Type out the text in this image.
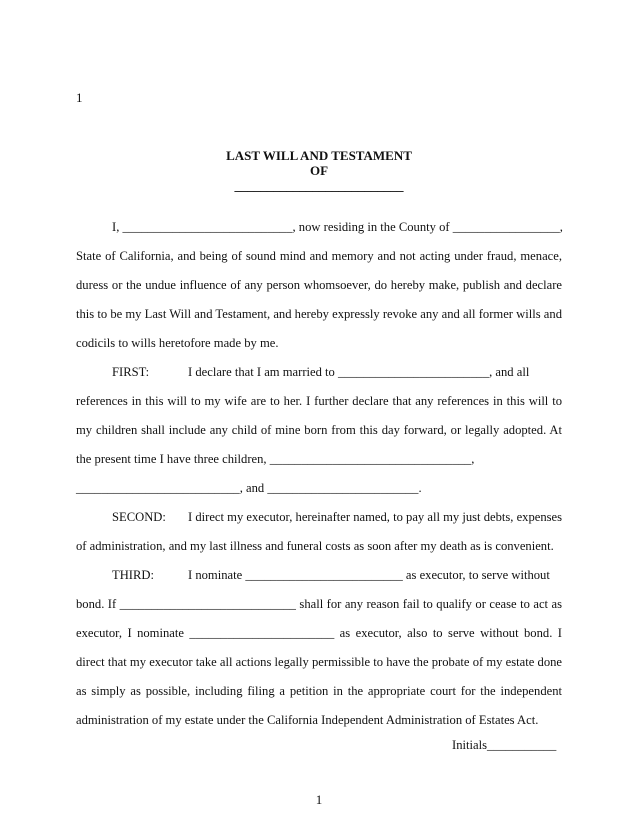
1
LAST WILL AND TESTAMENT
OF
__________________________
I, ___________________________, now residing in the County of _________________,
State of California, and being of sound mind and memory and not acting under fraud, menace,
duress or the undue influence of any person whomsoever, do hereby make, publish and declare
this to be my Last Will and Testament, and hereby expressly revoke any and all former wills and
codicils to wills heretofore made by me.
FIRST:	I declare that I am married to ________________________, and all
references in this will to my wife are to her. I further declare that any references in this will to
my children shall include any child of mine born from this day forward, or legally adopted. At
the present time I have three children, ________________________________,
__________________________, and ________________________.
SECOND: I direct my executor, hereinafter named, to pay all my just debts, expenses
of administration, and my last illness and funeral costs as soon after my death as is convenient.
THIRD:	I nominate _________________________ as executor, to serve without
bond. If ____________________________ shall for any reason fail to qualify or cease to act as
executor, I nominate _______________________ as executor, also to serve without bond. I
direct that my executor take all actions legally permissible to have the probate of my estate done
as simply as possible, including filing a petition in the appropriate court for the independent
administration of my estate under the California Independent Administration of Estates Act.
Initials___________
1
